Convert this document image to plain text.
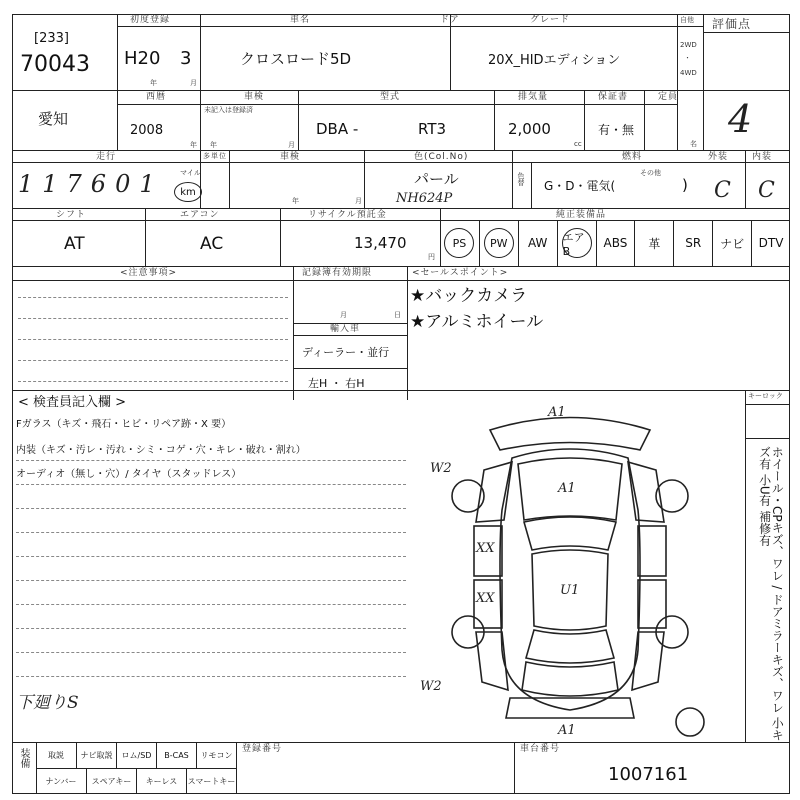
[233]
70043
初度登録
H20 3
年	月
車名
クロスロード5D
ドア	グレード
20X_HIDエディション
自他
2WD
・
4WD
評価点
4
愛知
西暦
2008
年
車検
未記入は登録済
年	月
型式
DBA -	RT3
排気量
2,000
cc
保証書
有・無
定員
名
走行
117601 マイル
km
多単位	車検
年	月
色(Col.No)
パール
NH624P
色替
燃料
G・D・電気(
その他
)
外装
C
内装
C
シフト
AT
エアコン
AC
リサイクル預託金
13,470
円
純正装備品
PS	PW	AW エアB
ABS 革 SR ナビ DTV
<注意事項>	記録簿有効期限
月	日
輸入車
ディーラー・並行
左H ・ 右H
<セールスポイント>
★バックカメラ
★アルミホイール
< 検査員記入欄 >
Fガラス（キズ・飛石・ヒビ・リペア跡・X 要）
内装（キズ・汚レ・汚れ・シミ・コゲ・穴・キレ・破れ・割れ）
オーディオ（無し・穴）/ タイヤ（スタッドレス）
下廻りS
キーロック
ホイール・CPキズ、ワレ / ドアミラーキズ、ワレ 小キズ有 小U有 補修有
A1
A1
W2
XX
XX
U1
W2
A1
装備	取説	ナビ取説	ロム/SD	B-CAS	リモコン
ナンバー	スペアキー	キーレス	スマートキー
登録番号	車台番号
1007161
